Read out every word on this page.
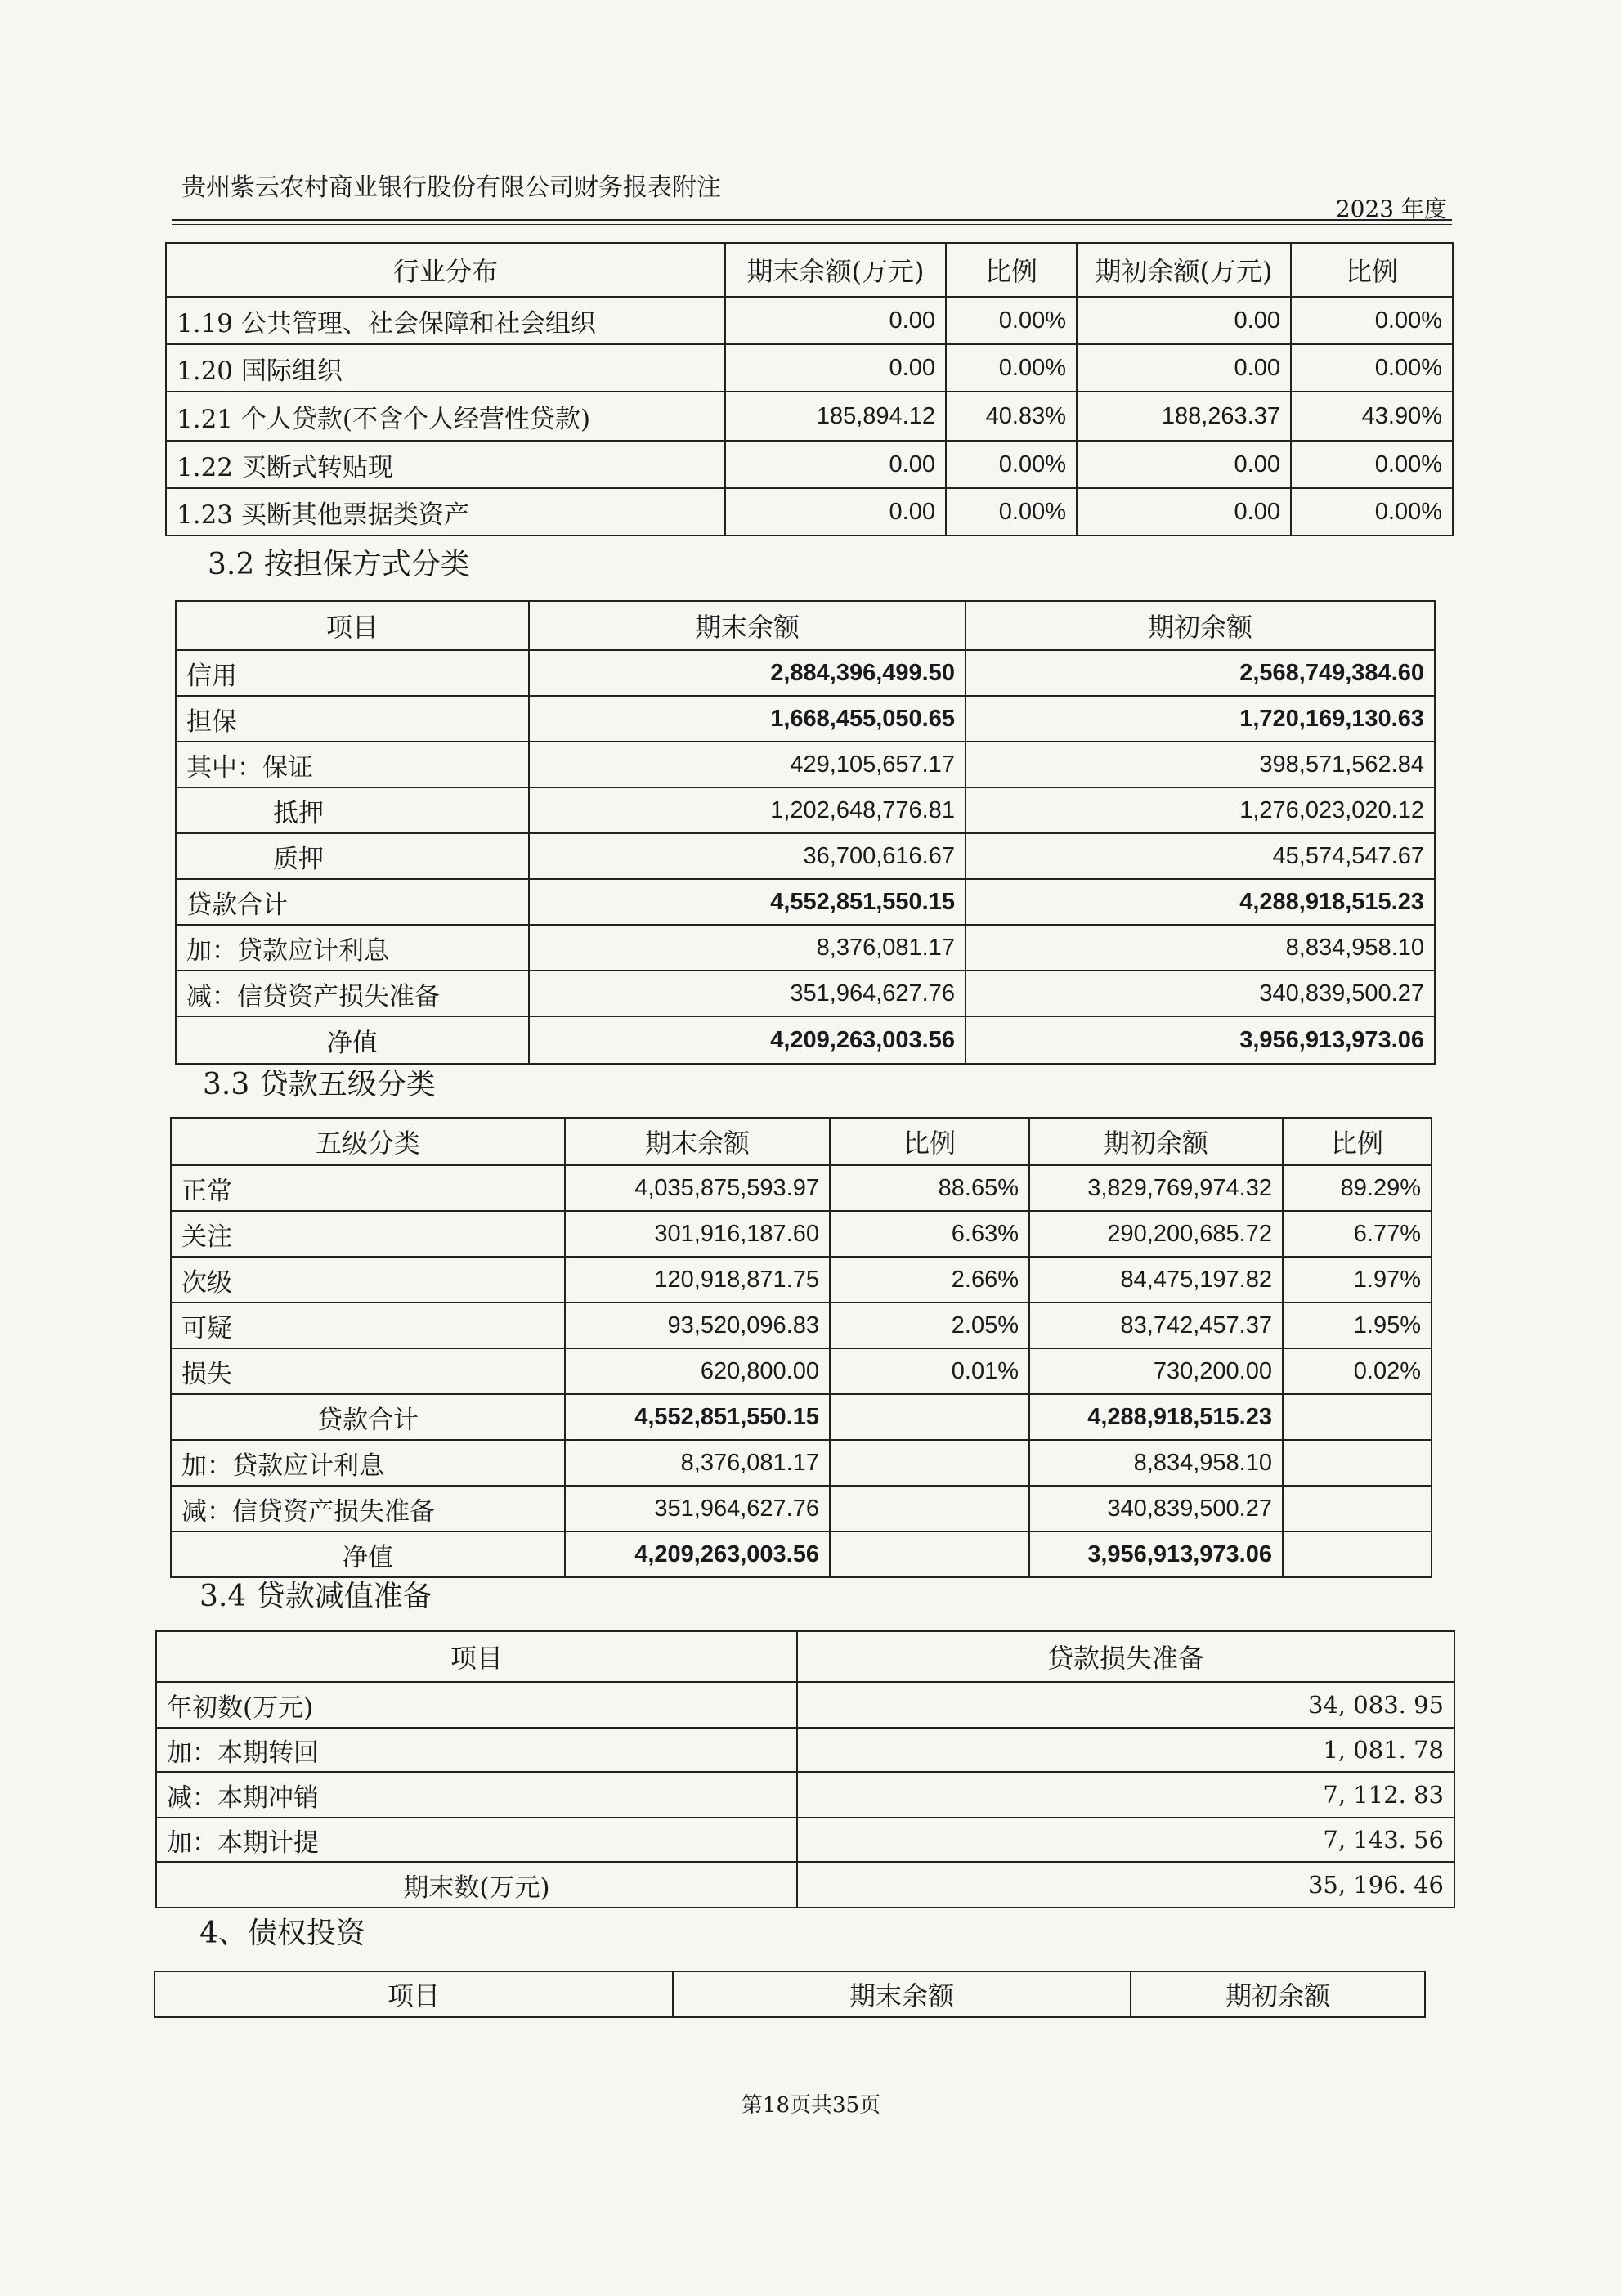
贵州紫云农村商业银行股份有限公司财务报表附注
2023 年度
行业分布	期末余额(万元)	比例	期初余额(万元)	比例
1.19 公共管理、社会保障和社会组织	0.00	0.00%	0.00	0.00%
1.20 国际组织	0.00	0.00%	0.00	0.00%
1.21 个人贷款(不含个人经营性贷款)	185,894.12	40.83%	188,263.37	43.90%
1.22 买断式转贴现	0.00	0.00%	0.00	0.00%
1.23 买断其他票据类资产	0.00	0.00%	0.00	0.00%
3.2 按担保方式分类
项目	期末余额	期初余额
信用	2,884,396,499.50	2,568,749,384.60
担保	1,668,455,050.65	1,720,169,130.63
其中：保证	429,105,657.17	398,571,562.84
抵押	1,202,648,776.81	1,276,023,020.12
质押	36,700,616.67	45,574,547.67
贷款合计	4,552,851,550.15	4,288,918,515.23
加：贷款应计利息	8,376,081.17	8,834,958.10
减：信贷资产损失准备	351,964,627.76	340,839,500.27
净值	4,209,263,003.56	3,956,913,973.06
3.3 贷款五级分类
五级分类	期末余额	比例	期初余额	比例
正常	4,035,875,593.97	88.65%	3,829,769,974.32	89.29%
关注	301,916,187.60	6.63%	290,200,685.72	6.77%
次级	120,918,871.75	2.66%	84,475,197.82	1.97%
可疑	93,520,096.83	2.05%	83,742,457.37	1.95%
损失	620,800.00	0.01%	730,200.00	0.02%
贷款合计	4,552,851,550.15		4,288,918,515.23	
加：贷款应计利息	8,376,081.17		8,834,958.10	
减：信贷资产损失准备	351,964,627.76		340,839,500.27	
净值	4,209,263,003.56		3,956,913,973.06	
3.4 贷款减值准备
项目	贷款损失准备
年初数(万元)	34, 083. 95
加：本期转回	1, 081. 78
减：本期冲销	7, 112. 83
加：本期计提	7, 143. 56
期末数(万元)	35, 196. 46
4、债权投资
项目	期末余额	期初余额
第18页共35页
